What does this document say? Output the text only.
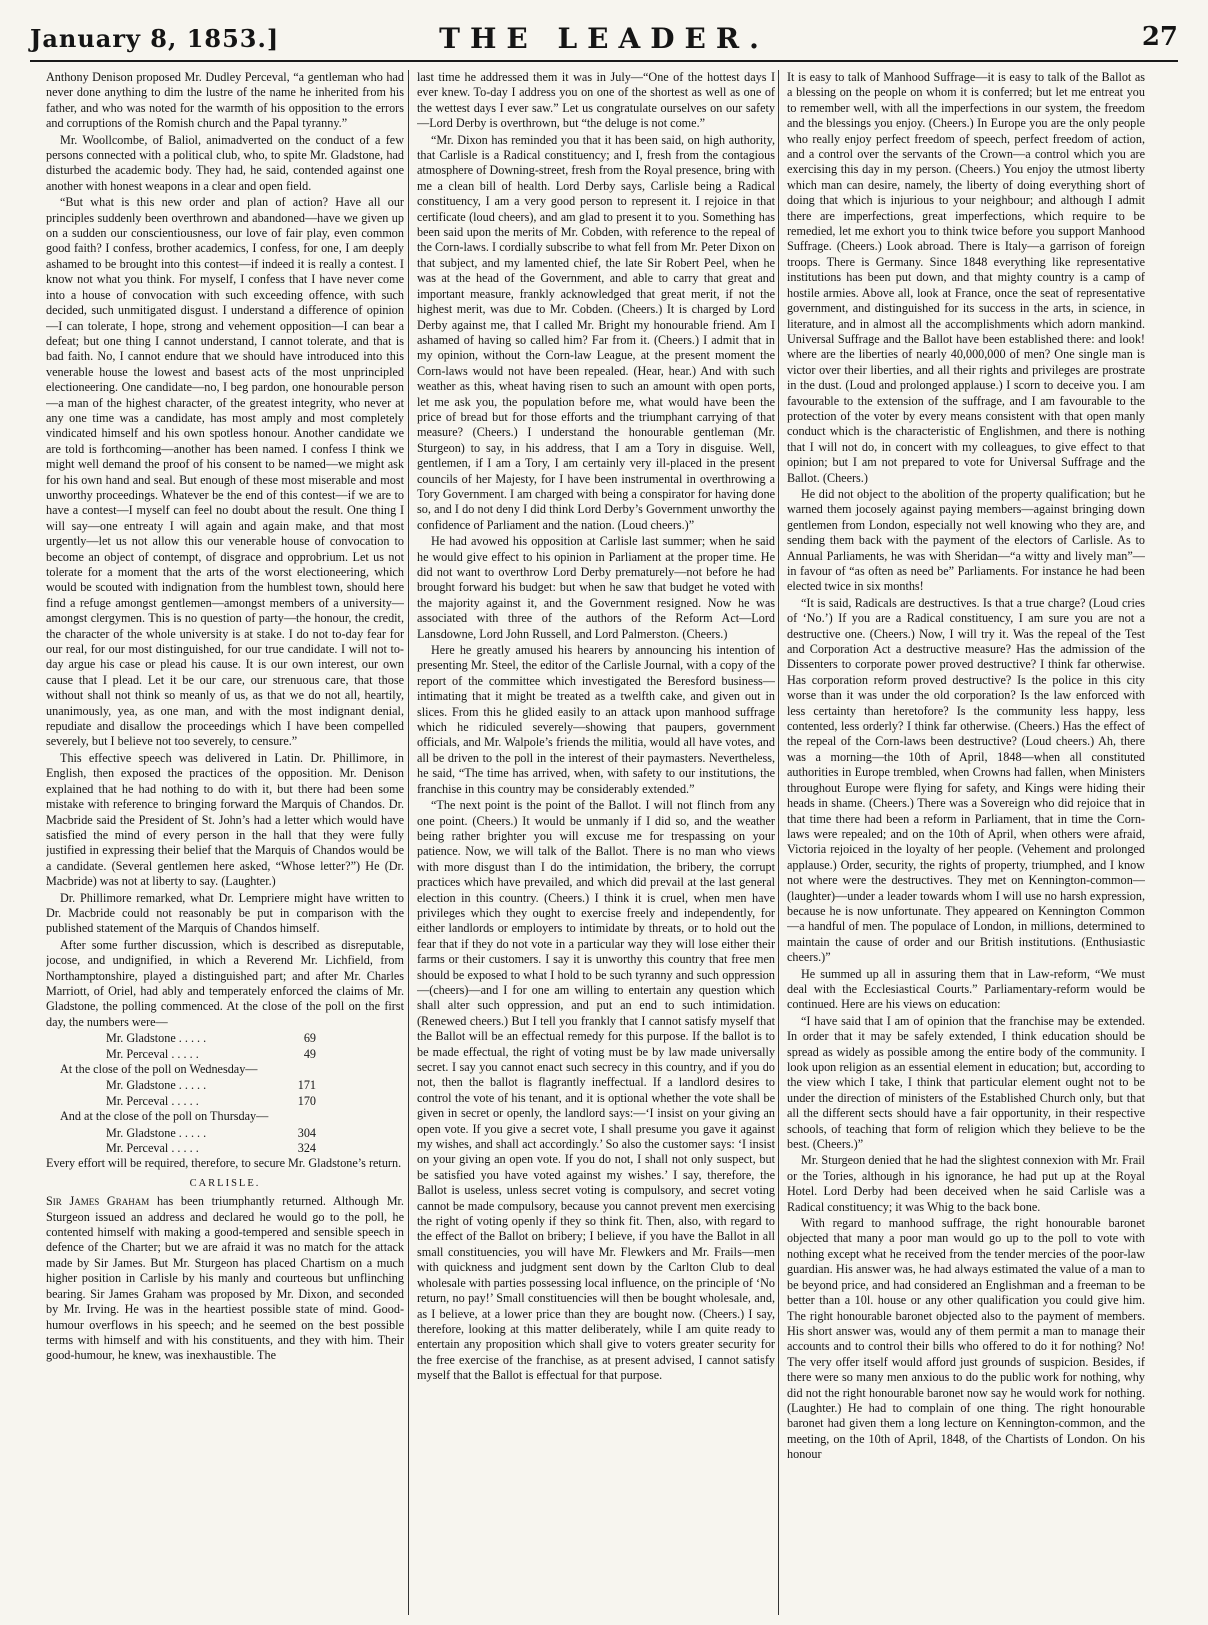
January 8, 1853.]	THE LEADER.	27

Anthony Denison proposed Mr. Dudley Perceval, “a gentleman who had never done anything to dim the lustre of the name he inherited from his father, and who was noted for the warmth of his opposition to the errors and corruptions of the Romish church and the Papal tyranny.”

Mr. Woollcombe, of Baliol, animadverted on the conduct of a few persons connected with a political club, who, to spite Mr. Gladstone, had disturbed the academic body. They had, he said, contended against one another with honest weapons in a clear and open field.

“But what is this new order and plan of action? Have all our principles suddenly been overthrown and abandoned—have we given up on a sudden our conscientiousness, our love of fair play, even common good faith? I confess, brother academics, I confess, for one, I am deeply ashamed to be brought into this contest—if indeed it is really a contest. I know not what you think. For myself, I confess that I have never come into a house of convocation with such exceeding offence, with such decided, such unmitigated disgust. I understand a difference of opinion—I can tolerate, I hope, strong and vehement opposition—I can bear a defeat; but one thing I cannot understand, I cannot tolerate, and that is bad faith. No, I cannot endure that we should have introduced into this venerable house the lowest and basest acts of the most unprincipled electioneering. One candidate—no, I beg pardon, one honourable person—a man of the highest character, of the greatest integrity, who never at any one time was a candidate, has most amply and most completely vindicated himself and his own spotless honour. Another candidate we are told is forthcoming—another has been named. I confess I think we might well demand the proof of his consent to be named—we might ask for his own hand and seal. But enough of these most miserable and most unworthy proceedings. Whatever be the end of this contest—if we are to have a contest—I myself can feel no doubt about the result. One thing I will say—one entreaty I will again and again make, and that most urgently—let us not allow this our venerable house of convocation to become an object of contempt, of disgrace and opprobrium. Let us not tolerate for a moment that the arts of the worst electioneering, which would be scouted with indignation from the humblest town, should here find a refuge amongst gentlemen—amongst members of a university—amongst clergymen. This is no question of party—the honour, the credit, the character of the whole university is at stake. I do not to-day fear for our real, for our most distinguished, for our true candidate. I will not to-day argue his case or plead his cause. It is our own interest, our own cause that I plead. Let it be our care, our strenuous care, that those without shall not think so meanly of us, as that we do not all, heartily, unanimously, yea, as one man, and with the most indignant denial, repudiate and disallow the proceedings which I have been compelled severely, but I believe not too severely, to censure.”

This effective speech was delivered in Latin. Dr. Phillimore, in English, then exposed the practices of the opposition. Mr. Denison explained that he had nothing to do with it, but there had been some mistake with reference to bringing forward the Marquis of Chandos. Dr. Macbride said the President of St. John’s had a letter which would have satisfied the mind of every person in the hall that they were fully justified in expressing their belief that the Marquis of Chandos would be a candidate. (Several gentlemen here asked, “Whose letter?”) He (Dr. Macbride) was not at liberty to say. (Laughter.)

Dr. Phillimore remarked, what Dr. Lempriere might have written to Dr. Macbride could not reasonably be put in comparison with the published statement of the Marquis of Chandos himself.

After some further discussion, which is described as disreputable, jocose, and undignified, in which a Reverend Mr. Lichfield, from Northamptonshire, played a distinguished part; and after Mr. Charles Marriott, of Oriel, had ably and temperately enforced the claims of Mr. Gladstone, the polling commenced. At the close of the poll on the first day, the numbers were—

Mr. Gladstone . . . . .	69
Mr. Perceval . . . . .	49

At the close of the poll on Wednesday—

Mr. Gladstone . . . . .	171
Mr. Perceval . . . . .	170

And at the close of the poll on Thursday—

Mr. Gladstone . . . . .	304
Mr. Perceval . . . . .	324

Every effort will be required, therefore, to secure Mr. Gladstone’s return.

CARLISLE.

Sir James Graham has been triumphantly returned. Although Mr. Sturgeon issued an address and declared he would go to the poll, he contented himself with making a good-tempered and sensible speech in defence of the Charter; but we are afraid it was no match for the attack made by Sir James. But Mr. Sturgeon has placed Chartism on a much higher position in Carlisle by his manly and courteous but unflinching bearing. Sir James Graham was proposed by Mr. Dixon, and seconded by Mr. Irving. He was in the heartiest possible state of mind. Good-humour overflows in his speech; and he seemed on the best possible terms with himself and with his constituents, and they with him. Their good-humour, he knew, was inexhaustible. The

last time he addressed them it was in July—“One of the hottest days I ever knew. To-day I address you on one of the shortest as well as one of the wettest days I ever saw.” Let us congratulate ourselves on our safety—Lord Derby is overthrown, but “the deluge is not come.”

“Mr. Dixon has reminded you that it has been said, on high authority, that Carlisle is a Radical constituency; and I, fresh from the contagious atmosphere of Downing-street, fresh from the Royal presence, bring with me a clean bill of health. Lord Derby says, Carlisle being a Radical constituency, I am a very good person to represent it. I rejoice in that certificate (loud cheers), and am glad to present it to you. Something has been said upon the merits of Mr. Cobden, with reference to the repeal of the Corn-laws. I cordially subscribe to what fell from Mr. Peter Dixon on that subject, and my lamented chief, the late Sir Robert Peel, when he was at the head of the Government, and able to carry that great and important measure, frankly acknowledged that great merit, if not the highest merit, was due to Mr. Cobden. (Cheers.) It is charged by Lord Derby against me, that I called Mr. Bright my honourable friend. Am I ashamed of having so called him? Far from it. (Cheers.) I admit that in my opinion, without the Corn-law League, at the present moment the Corn-laws would not have been repealed. (Hear, hear.) And with such weather as this, wheat having risen to such an amount with open ports, let me ask you, the population before me, what would have been the price of bread but for those efforts and the triumphant carrying of that measure? (Cheers.) I understand the honourable gentleman (Mr. Sturgeon) to say, in his address, that I am a Tory in disguise. Well, gentlemen, if I am a Tory, I am certainly very ill-placed in the present councils of her Majesty, for I have been instrumental in overthrowing a Tory Government. I am charged with being a conspirator for having done so, and I do not deny I did think Lord Derby’s Government unworthy the confidence of Parliament and the nation. (Loud cheers.)”

He had avowed his opposition at Carlisle last summer; when he said he would give effect to his opinion in Parliament at the proper time. He did not want to overthrow Lord Derby prematurely—not before he had brought forward his budget: but when he saw that budget he voted with the majority against it, and the Government resigned. Now he was associated with three of the authors of the Reform Act—Lord Lansdowne, Lord John Russell, and Lord Palmerston. (Cheers.)

Here he greatly amused his hearers by announcing his intention of presenting Mr. Steel, the editor of the Carlisle Journal, with a copy of the report of the committee which investigated the Beresford business—intimating that it might be treated as a twelfth cake, and given out in slices. From this he glided easily to an attack upon manhood suffrage which he ridiculed severely—showing that paupers, government officials, and Mr. Walpole’s friends the militia, would all have votes, and all be driven to the poll in the interest of their paymasters. Nevertheless, he said, “The time has arrived, when, with safety to our institutions, the franchise in this country may be considerably extended.”

“The next point is the point of the Ballot. I will not flinch from any one point. (Cheers.) It would be unmanly if I did so, and the weather being rather brighter you will excuse me for trespassing on your patience. Now, we will talk of the Ballot. There is no man who views with more disgust than I do the intimidation, the bribery, the corrupt practices which have prevailed, and which did prevail at the last general election in this country. (Cheers.) I think it is cruel, when men have privileges which they ought to exercise freely and independently, for either landlords or employers to intimidate by threats, or to hold out the fear that if they do not vote in a particular way they will lose either their farms or their customers. I say it is unworthy this country that free men should be exposed to what I hold to be such tyranny and such oppression—(cheers)—and I for one am willing to entertain any question which shall alter such oppression, and put an end to such intimidation. (Renewed cheers.) But I tell you frankly that I cannot satisfy myself that the Ballot will be an effectual remedy for this purpose. If the ballot is to be made effectual, the right of voting must be by law made universally secret. I say you cannot enact such secrecy in this country, and if you do not, then the ballot is flagrantly ineffectual. If a landlord desires to control the vote of his tenant, and it is optional whether the vote shall be given in secret or openly, the landlord says:—‘I insist on your giving an open vote. If you give a secret vote, I shall presume you gave it against my wishes, and shall act accordingly.’ So also the customer says: ‘I insist on your giving an open vote. If you do not, I shall not only suspect, but be satisfied you have voted against my wishes.’ I say, therefore, the Ballot is useless, unless secret voting is compulsory, and secret voting cannot be made compulsory, because you cannot prevent men exercising the right of voting openly if they so think fit. Then, also, with regard to the effect of the Ballot on bribery; I believe, if you have the Ballot in all small constituencies, you will have Mr. Flewkers and Mr. Frails—men with quickness and judgment sent down by the Carlton Club to deal wholesale with parties possessing local influence, on the principle of ‘No return, no pay!’ Small constituencies will then be bought wholesale, and, as I believe, at a lower price than they are bought now. (Cheers.) I say, therefore, looking at this matter deliberately, while I am quite ready to entertain any proposition which shall give to voters greater security for the free exercise of the franchise, as at present advised, I cannot satisfy myself that the Ballot is effectual for that purpose.

It is easy to talk of Manhood Suffrage—it is easy to talk of the Ballot as a blessing on the people on whom it is conferred; but let me entreat you to remember well, with all the imperfections in our system, the freedom and the blessings you enjoy. (Cheers.) In Europe you are the only people who really enjoy perfect freedom of speech, perfect freedom of action, and a control over the servants of the Crown—a control which you are exercising this day in my person. (Cheers.) You enjoy the utmost liberty which man can desire, namely, the liberty of doing everything short of doing that which is injurious to your neighbour; and although I admit there are imperfections, great imperfections, which require to be remedied, let me exhort you to think twice before you support Manhood Suffrage. (Cheers.) Look abroad. There is Italy—a garrison of foreign troops. There is Germany. Since 1848 everything like representative institutions has been put down, and that mighty country is a camp of hostile armies. Above all, look at France, once the seat of representative government, and distinguished for its success in the arts, in science, in literature, and in almost all the accomplishments which adorn mankind. Universal Suffrage and the Ballot have been established there: and look! where are the liberties of nearly 40,000,000 of men? One single man is victor over their liberties, and all their rights and privileges are prostrate in the dust. (Loud and prolonged applause.) I scorn to deceive you. I am favourable to the extension of the suffrage, and I am favourable to the protection of the voter by every means consistent with that open manly conduct which is the characteristic of Englishmen, and there is nothing that I will not do, in concert with my colleagues, to give effect to that opinion; but I am not prepared to vote for Universal Suffrage and the Ballot. (Cheers.)

He did not object to the abolition of the property qualification; but he warned them jocosely against paying members—against bringing down gentlemen from London, especially not well knowing who they are, and sending them back with the payment of the electors of Carlisle. As to Annual Parliaments, he was with Sheridan—“a witty and lively man”—in favour of “as often as need be” Parliaments. For instance he had been elected twice in six months!

“It is said, Radicals are destructives. Is that a true charge? (Loud cries of ‘No.’) If you are a Radical constituency, I am sure you are not a destructive one. (Cheers.) Now, I will try it. Was the repeal of the Test and Corporation Act a destructive measure? Has the admission of the Dissenters to corporate power proved destructive? I think far otherwise. Has corporation reform proved destructive? Is the police in this city worse than it was under the old corporation? Is the law enforced with less certainty than heretofore? Is the community less happy, less contented, less orderly? I think far otherwise. (Cheers.) Has the effect of the repeal of the Corn-laws been destructive? (Loud cheers.) Ah, there was a morning—the 10th of April, 1848—when all constituted authorities in Europe trembled, when Crowns had fallen, when Ministers throughout Europe were flying for safety, and Kings were hiding their heads in shame. (Cheers.) There was a Sovereign who did rejoice that in that time there had been a reform in Parliament, that in time the Corn-laws were repealed; and on the 10th of April, when others were afraid, Victoria rejoiced in the loyalty of her people. (Vehement and prolonged applause.) Order, security, the rights of property, triumphed, and I know not where were the destructives. They met on Kennington-common—(laughter)—under a leader towards whom I will use no harsh expression, because he is now unfortunate. They appeared on Kennington Common—a handful of men. The populace of London, in millions, determined to maintain the cause of order and our British institutions. (Enthusiastic cheers.)”

He summed up all in assuring them that in Law-reform, “We must deal with the Ecclesiastical Courts.” Parliamentary-reform would be continued. Here are his views on education:

“I have said that I am of opinion that the franchise may be extended. In order that it may be safely extended, I think education should be spread as widely as possible among the entire body of the community. I look upon religion as an essential element in education; but, according to the view which I take, I think that particular element ought not to be under the direction of ministers of the Established Church only, but that all the different sects should have a fair opportunity, in their respective schools, of teaching that form of religion which they believe to be the best. (Cheers.)”

Mr. Sturgeon denied that he had the slightest connexion with Mr. Frail or the Tories, although in his ignorance, he had put up at the Royal Hotel. Lord Derby had been deceived when he said Carlisle was a Radical constituency; it was Whig to the back bone.

With regard to manhood suffrage, the right honourable baronet objected that many a poor man would go up to the poll to vote with nothing except what he received from the tender mercies of the poor-law guardian. His answer was, he had always estimated the value of a man to be beyond price, and had considered an Englishman and a freeman to be better than a 10l. house or any other qualification you could give him. The right honourable baronet objected also to the payment of members. His short answer was, would any of them permit a man to manage their accounts and to control their bills who offered to do it for nothing? No! The very offer itself would afford just grounds of suspicion. Besides, if there were so many men anxious to do the public work for nothing, why did not the right honourable baronet now say he would work for nothing. (Laughter.) He had to complain of one thing. The right honourable baronet had given them a long lecture on Kennington-common, and the meeting, on the 10th of April, 1848, of the Chartists of London. On his honour
